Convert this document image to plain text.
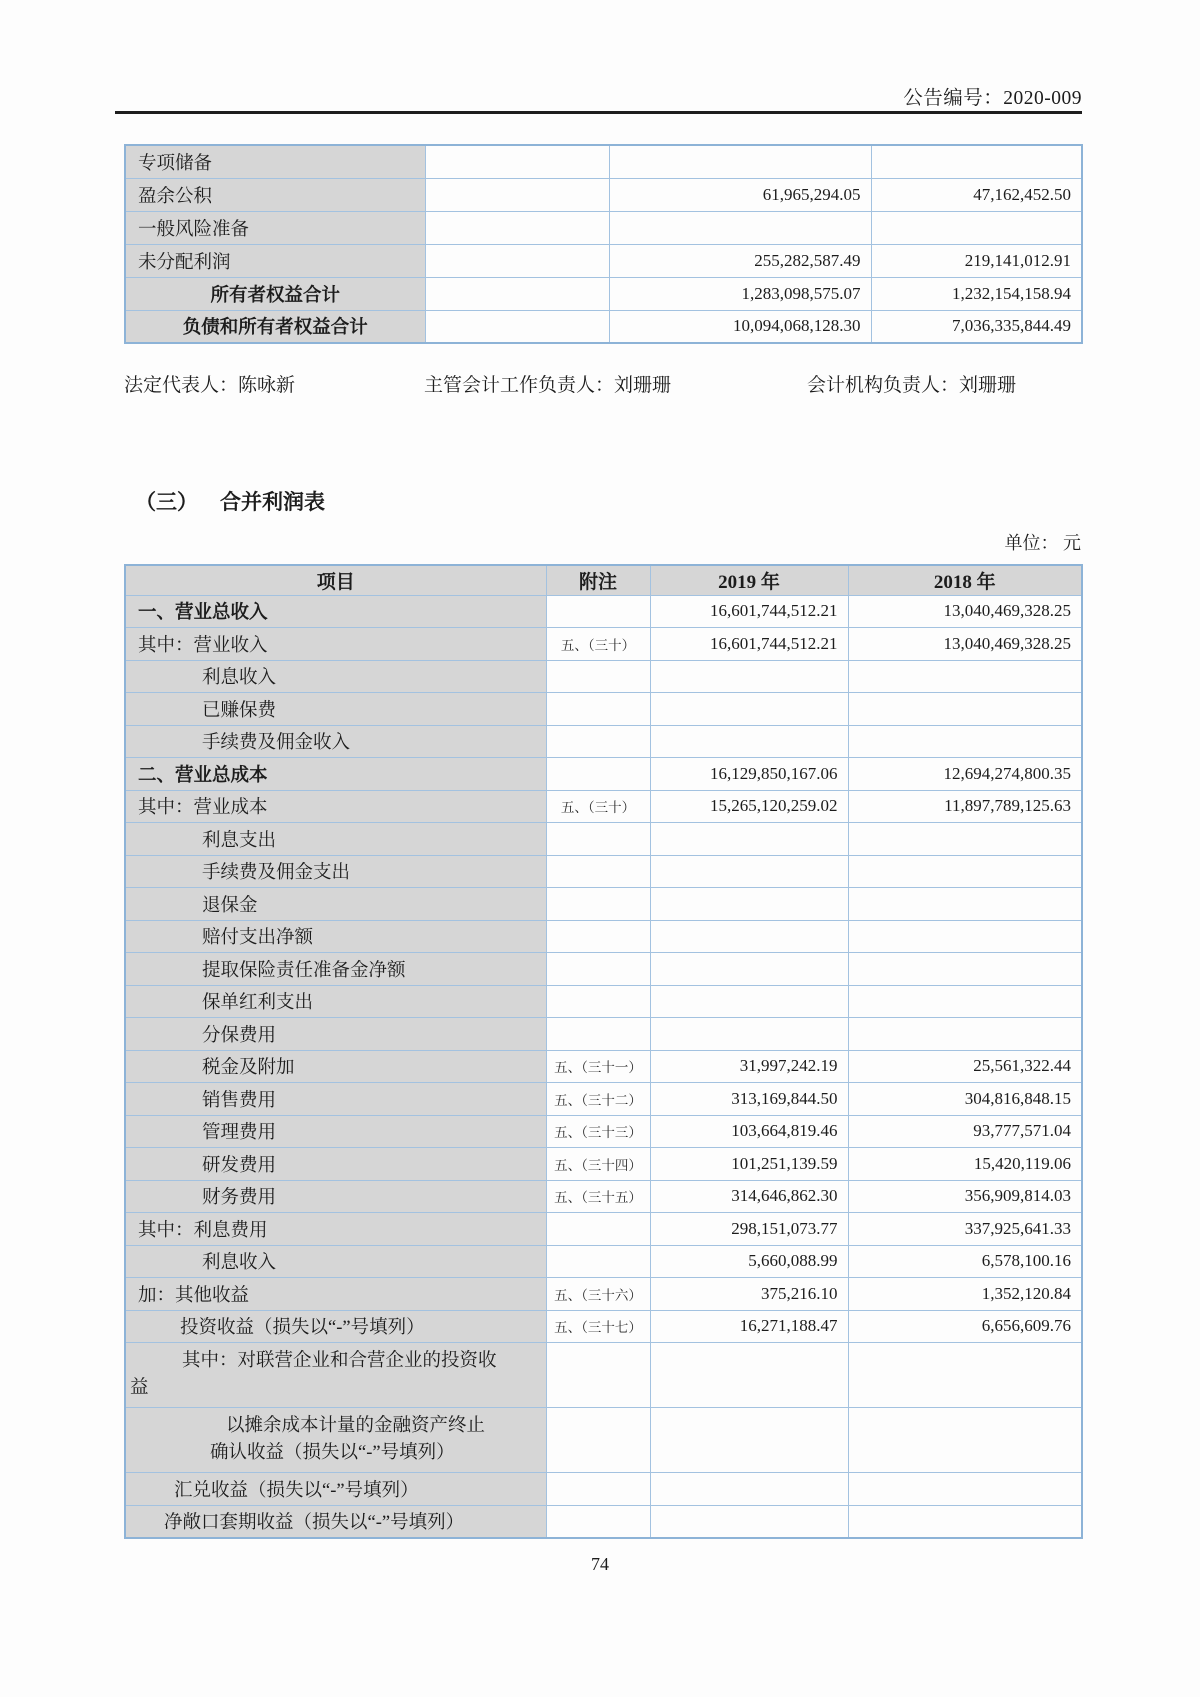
公告编号：2020-009
专项储备			
盈余公积		61,965,294.05	47,162,452.50
一般风险准备			
未分配利润		255,282,587.49	219,141,012.91
所有者权益合计		1,283,098,575.07	1,232,154,158.94
负债和所有者权益合计		10,094,068,128.30	7,036,335,844.49
法定代表人：陈咏新	主管会计工作负责人：刘珊珊	会计机构负责人：刘珊珊
（三） 合并利润表
单位： 元
项目	附注	2019 年	2018 年
一、营业总收入		16,601,744,512.21	13,040,469,328.25
其中：营业收入	五、（三十）	16,601,744,512.21	13,040,469,328.25
利息收入			
已赚保费			
手续费及佣金收入			
二、营业总成本		16,129,850,167.06	12,694,274,800.35
其中：营业成本	五、（三十）	15,265,120,259.02	11,897,789,125.63
利息支出			
手续费及佣金支出			
退保金			
赔付支出净额			
提取保险责任准备金净额			
保单红利支出			
分保费用			
税金及附加	五、（三十一）	31,997,242.19	25,561,322.44
销售费用	五、（三十二）	313,169,844.50	304,816,848.15
管理费用	五、（三十三）	103,664,819.46	93,777,571.04
研发费用	五、（三十四）	101,251,139.59	15,420,119.06
财务费用	五、（三十五）	314,646,862.30	356,909,814.03
其中：利息费用		298,151,073.77	337,925,641.33
利息收入		5,660,088.99	6,578,100.16
加：其他收益	五、（三十六）	375,216.10	1,352,120.84
投资收益（损失以“-”号填列）	五、（三十七）	16,271,188.47	6,656,609.76

其中：对联营企业和合营企业的投资收
益			

以摊余成本计量的金融资产终止
确认收益（损失以“-”号填列）			

汇兑收益（损失以“-”号填列）			
净敞口套期收益（损失以“-”号填列）			
74
